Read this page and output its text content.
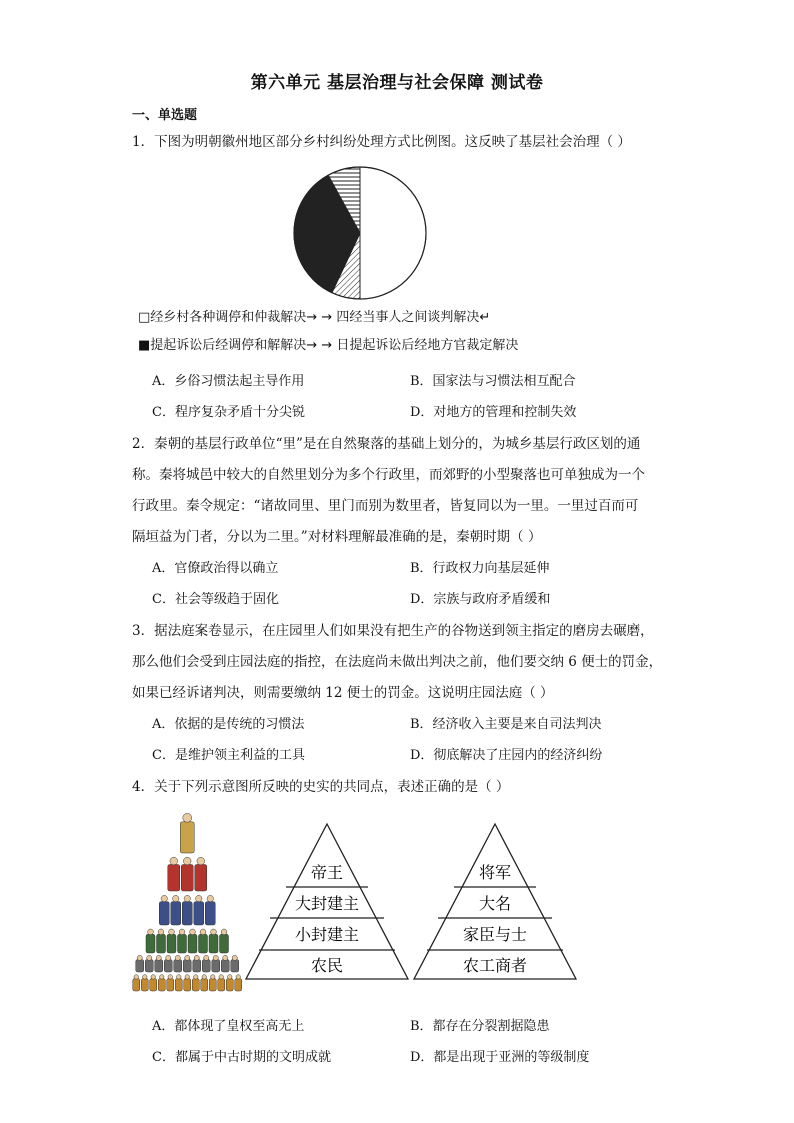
第六单元 基层治理与社会保障 测试卷
一、单选题
1．下图为明朝徽州地区部分乡村纠纷处理方式比例图。这反映了基层社会治理（ ）
□经乡村各种调停和仲裁解决→ → 四经当事人之间谈判解决↵
■提起诉讼后经调停和解解决→ → 日提起诉讼后经地方官裁定解决
A．乡俗习惯法起主导作用	B．国家法与习惯法相互配合
C．程序复杂矛盾十分尖锐	D．对地方的管理和控制失效
2．秦朝的基层行政单位“里”是在自然聚落的基础上划分的，为城乡基层行政区划的通
称。秦将城邑中较大的自然里划分为多个行政里，而郊野的小型聚落也可单独成为一个
行政里。秦令规定：“诸故同里、里门而别为数里者，皆复同以为一里。一里过百而可
隔垣益为门者，分以为二里。”对材料理解最准确的是，秦朝时期（ ）
A．官僚政治得以确立	B．行政权力向基层延伸
C．社会等级趋于固化	D．宗族与政府矛盾缓和
3．据法庭案卷显示，在庄园里人们如果没有把生产的谷物送到领主指定的磨房去碾磨，
那么他们会受到庄园法庭的指控，在法庭尚未做出判决之前，他们要交纳 6 便士的罚金，
如果已经诉诸判决，则需要缴纳 12 便士的罚金。这说明庄园法庭（ ）
A．依据的是传统的习惯法	B．经济收入主要是来自司法判决
C．是维护领主利益的工具	D．彻底解决了庄园内的经济纠纷
4．关于下列示意图所反映的史实的共同点，表述正确的是（ ）
帝王
大封建主
小封建主
农民
将军
大名
家臣与士
农工商者
A．都体现了皇权至高无上	B．都存在分裂割据隐患
C．都属于中古时期的文明成就	D．都是出现于亚洲的等级制度
